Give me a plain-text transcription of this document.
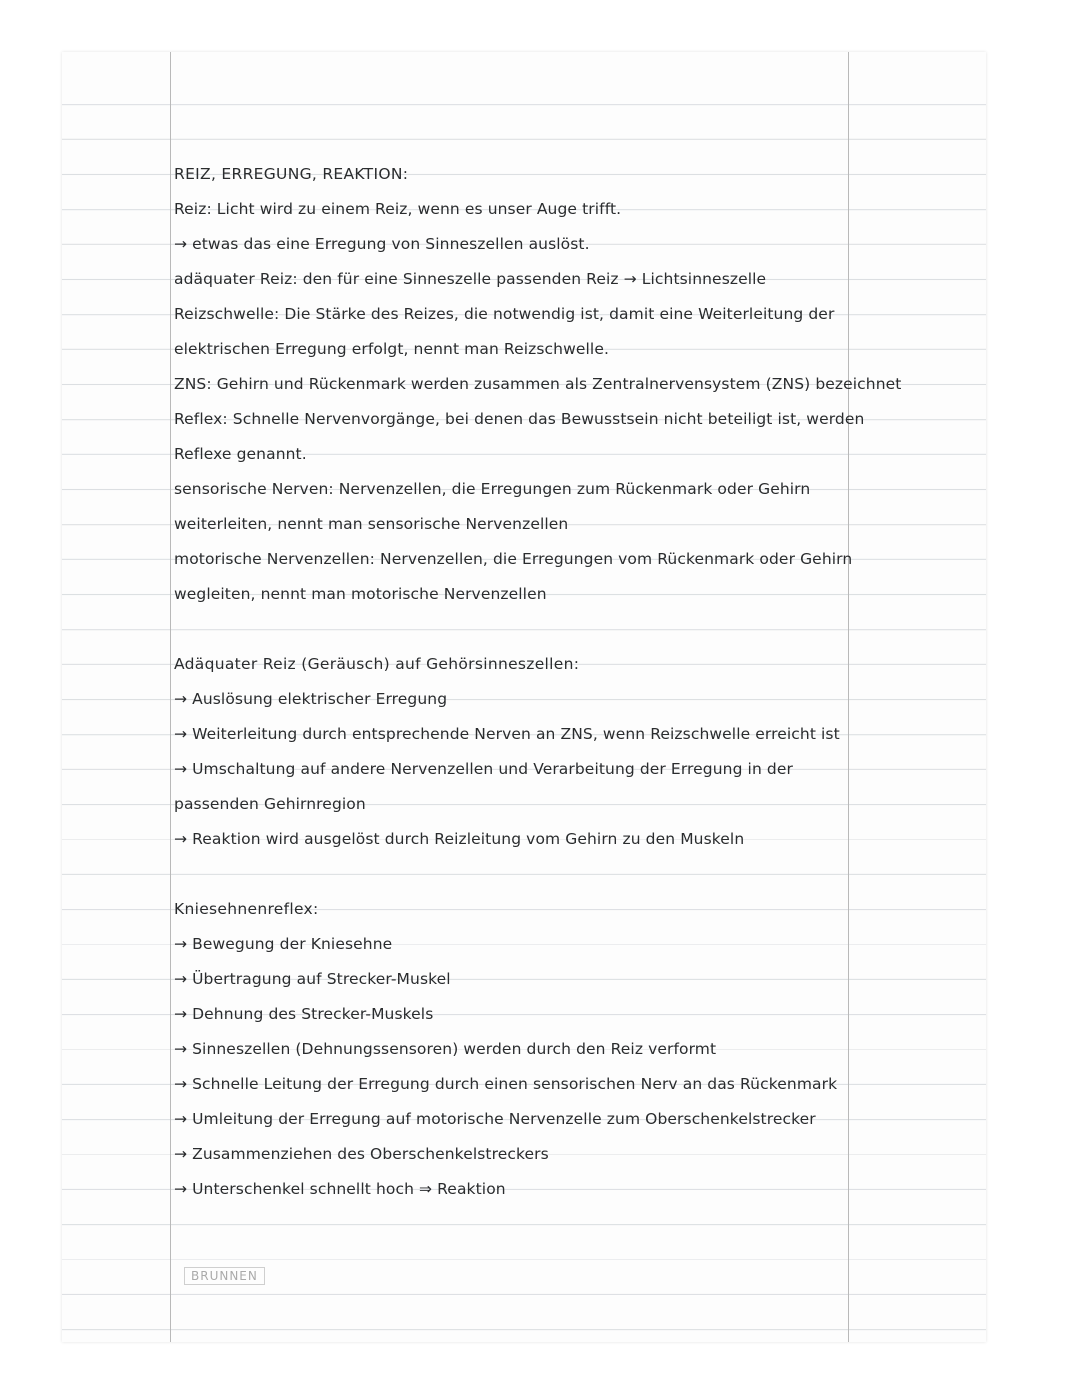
REIZ, ERREGUNG, REAKTION:
Reiz: Licht wird zu einem Reiz, wenn es unser Auge trifft.
→ etwas das eine Erregung von Sinneszellen auslöst.
adäquater Reiz: den für eine Sinneszelle passenden Reiz → Lichtsinneszelle
Reizschwelle: Die Stärke des Reizes, die notwendig ist, damit eine Weiterleitung der
elektrischen Erregung erfolgt, nennt man Reizschwelle.
ZNS: Gehirn und Rückenmark werden zusammen als Zentralnervensystem (ZNS) bezeichnet
Reflex: Schnelle Nervenvorgänge, bei denen das Bewusstsein nicht beteiligt ist, werden
Reflexe genannt.
sensorische Nerven: Nervenzellen, die Erregungen zum Rückenmark oder Gehirn
weiterleiten, nennt man sensorische Nervenzellen
motorische Nervenzellen: Nervenzellen, die Erregungen vom Rückenmark oder Gehirn
wegleiten, nennt man motorische Nervenzellen
Adäquater Reiz (Geräusch) auf Gehörsinneszellen:
→ Auslösung elektrischer Erregung
→ Weiterleitung durch entsprechende Nerven an ZNS, wenn Reizschwelle erreicht ist
→ Umschaltung auf andere Nervenzellen und Verarbeitung der Erregung in der
passenden Gehirnregion
→ Reaktion wird ausgelöst durch Reizleitung vom Gehirn zu den Muskeln
Kniesehnenreflex:
→ Bewegung der Kniesehne
→ Übertragung auf Strecker-Muskel
→ Dehnung des Strecker-Muskels
→ Sinneszellen (Dehnungssensoren) werden durch den Reiz verformt
→ Schnelle Leitung der Erregung durch einen sensorischen Nerv an das Rückenmark
→ Umleitung der Erregung auf motorische Nervenzelle zum Oberschenkelstrecker
→ Zusammenziehen des Oberschenkelstreckers
→ Unterschenkel schnellt hoch ⇒ Reaktion
BRUNNEN
